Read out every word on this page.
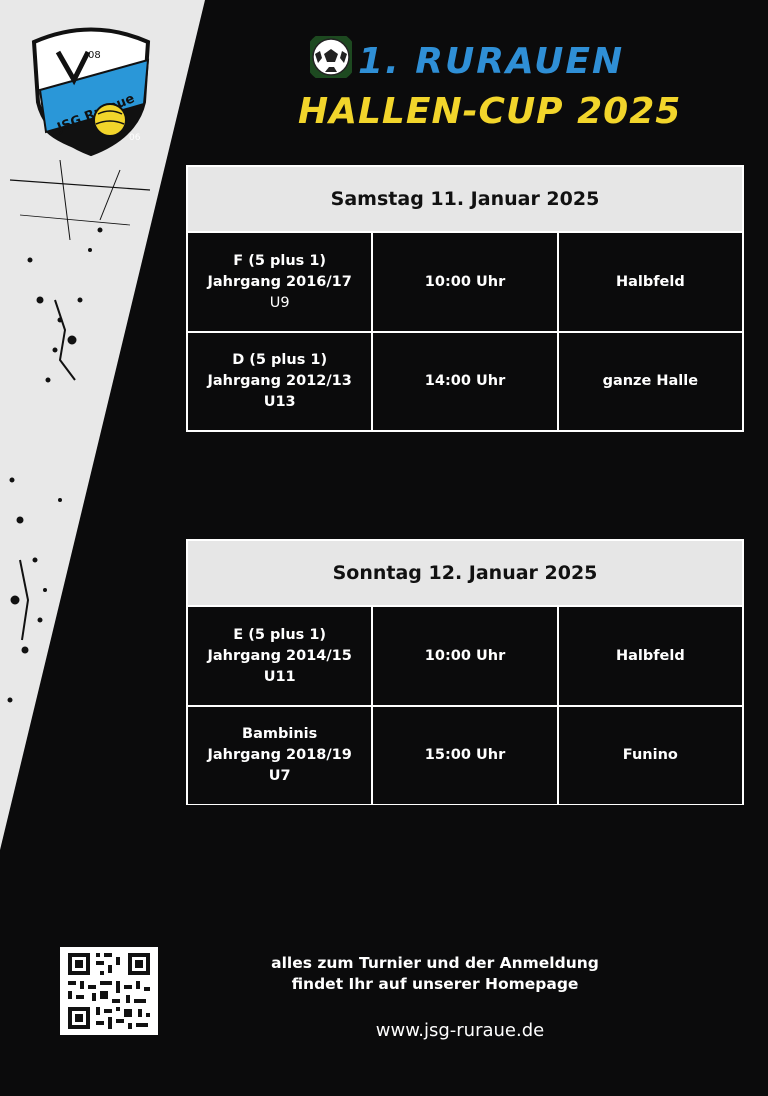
08
JSG
06
1. RURAUEN
HALLEN-CUP 2025
Samstag 11. Januar 2025
F (5 plus 1)
Jahrgang 2016/17
U9
10:00 Uhr	Halbfeld
D (5 plus 1)
Jahrgang 2012/13
U13
14:00 Uhr	ganze Halle
Sonntag 12. Januar 2025
E (5 plus 1)
Jahrgang 2014/15
U11
10:00 Uhr	Halbfeld
Bambinis
Jahrgang 2018/19
U7
15:00 Uhr	Funino
alles zum Turnier und der Anmeldung
findet Ihr auf unserer Homepage
www.jsg-ruraue.de
